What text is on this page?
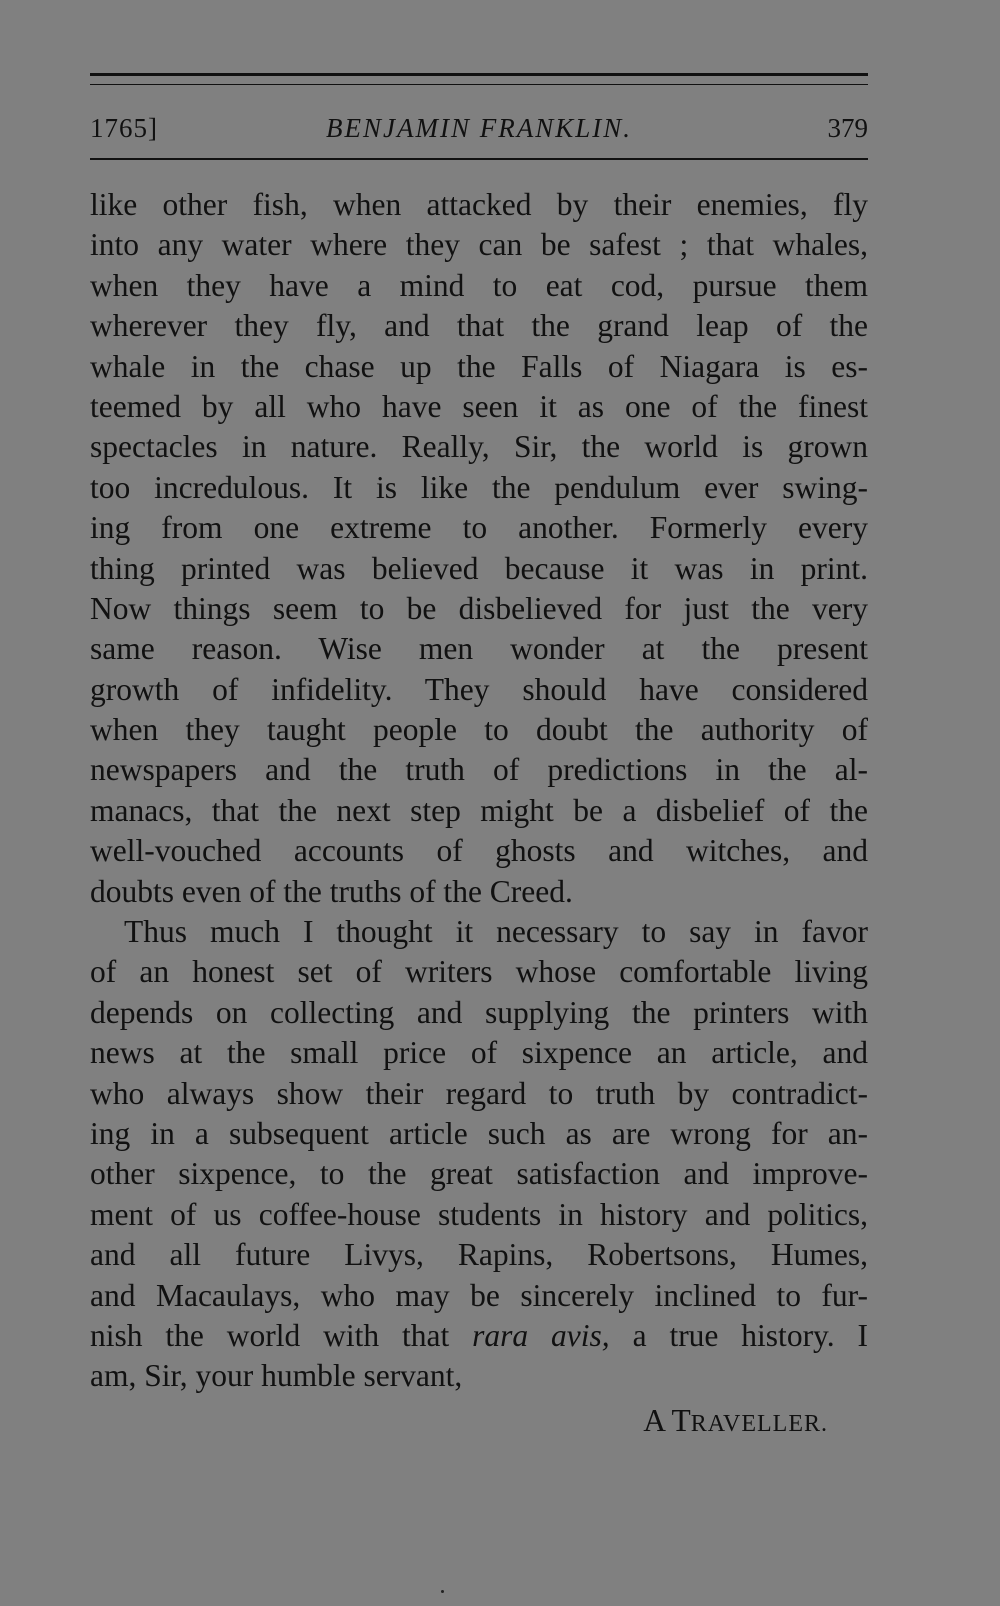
1765]	BENJAMIN FRANKLIN.	379
like other fish, when attacked by their enemies, fly
into any water where they can be safest ; that whales,
when they have a mind to eat cod, pursue them
wherever they fly, and that the grand leap of the
whale in the chase up the Falls of Niagara is es-
teemed by all who have seen it as one of the finest
spectacles in nature. Really, Sir, the world is grown
too incredulous. It is like the pendulum ever swing-
ing from one extreme to another. Formerly every
thing printed was believed because it was in print.
Now things seem to be disbelieved for just the very
same reason. Wise men wonder at the present
growth of infidelity. They should have considered
when they taught people to doubt the authority of
newspapers and the truth of predictions in the al-
manacs, that the next step might be a disbelief of the
well-vouched accounts of ghosts and witches, and
doubts even of the truths of the Creed.
Thus much I thought it necessary to say in favor
of an honest set of writers whose comfortable living
depends on collecting and supplying the printers with
news at the small price of sixpence an article, and
who always show their regard to truth by contradict-
ing in a subsequent article such as are wrong for an-
other sixpence, to the great satisfaction and improve-
ment of us coffee-house students in history and politics,
and all future Livys, Rapins, Robertsons, Humes,
and Macaulays, who may be sincerely inclined to fur-
nish the world with that rara avis, a true history. I
am, Sir, your humble servant,
A TRAVELLER.
